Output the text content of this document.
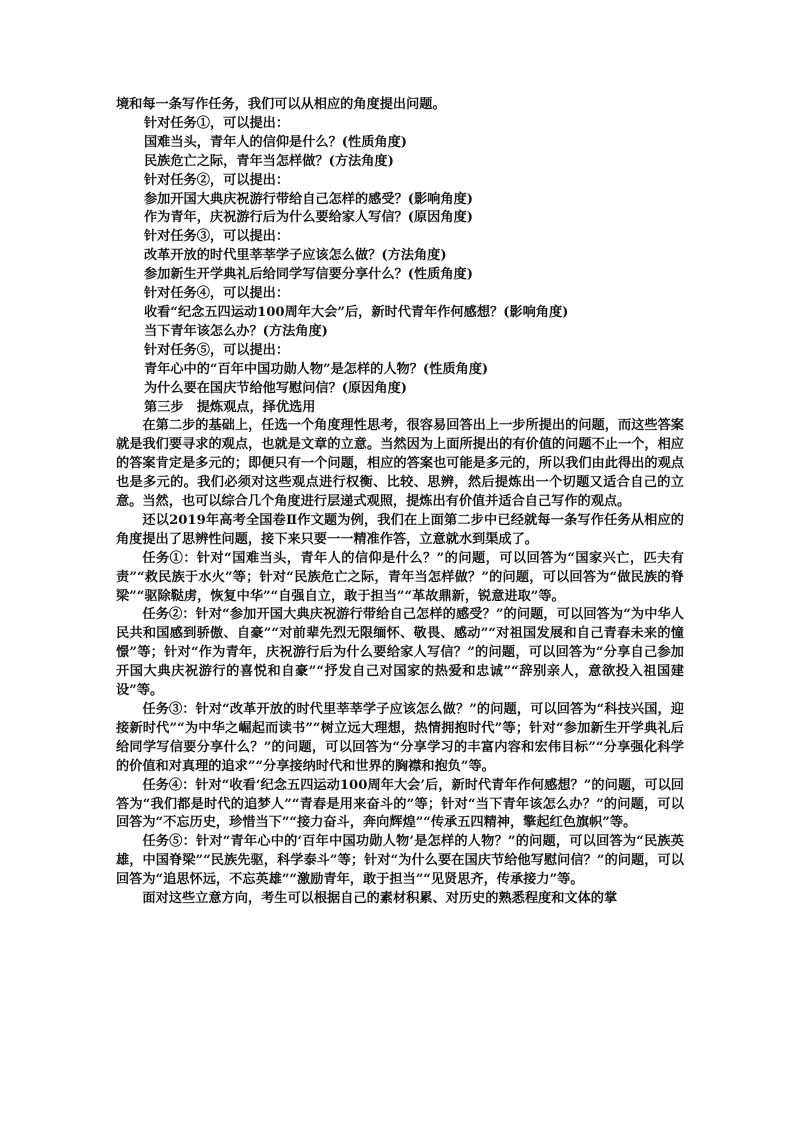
境和每一条写作任务，我们可以从相应的角度提出问题。

针对任务①，可以提出：

国难当头，青年人的信仰是什么？(性质角度)

民族危亡之际，青年当怎样做？(方法角度)

针对任务②，可以提出：

参加开国大典庆祝游行带给自己怎样的感受？(影响角度)

作为青年，庆祝游行后为什么要给家人写信？(原因角度)

针对任务③，可以提出：

改革开放的时代里莘莘学子应该怎么做？(方法角度)

参加新生开学典礼后给同学写信要分享什么？(性质角度)

针对任务④，可以提出：

收看“纪念五四运动100周年大会”后，新时代青年作何感想？(影响角度)

当下青年该怎么办？(方法角度)

针对任务⑤，可以提出：

青年心中的“百年中国功勋人物”是怎样的人物？(性质角度)

为什么要在国庆节给他写慰问信？(原因角度)

第三步　提炼观点，择优选用

在第二步的基础上，任选一个角度理性思考，很容易回答出上一步所提出的问题，而这些答案就是我们要寻求的观点，也就是文章的立意。当然因为上面所提出的有价值的问题不止一个，相应的答案肯定是多元的；即便只有一个问题，相应的答案也可能是多元的，所以我们由此得出的观点也是多元的。我们必须对这些观点进行权衡、比较、思辨，然后提炼出一个切题又适合自己的立意。当然，也可以综合几个角度进行层递式观照，提炼出有价值并适合自己写作的观点。

还以2019年高考全国卷Ⅱ作文题为例，我们在上面第二步中已经就每一条写作任务从相应的角度提出了思辨性问题，接下来只要一一精准作答，立意就水到渠成了。

任务①：针对“国难当头，青年人的信仰是什么？”的问题，可以回答为“国家兴亡，匹夫有责”“救民族于水火”等；针对“民族危亡之际，青年当怎样做？”的问题，可以回答为“做民族的脊梁”“驱除鞑虏，恢复中华”“自强自立，敢于担当”“革故鼎新，锐意进取”等。

任务②：针对“参加开国大典庆祝游行带给自己怎样的感受？”的问题，可以回答为“为中华人民共和国感到骄傲、自豪”“对前辈先烈无限缅怀、敬畏、感动”“对祖国发展和自己青春未来的憧憬”等；针对“作为青年，庆祝游行后为什么要给家人写信？”的问题，可以回答为“分享自己参加开国大典庆祝游行的喜悦和自豪”“抒发自己对国家的热爱和忠诚”“辞别亲人，意欲投入祖国建设”等。

任务③：针对“改革开放的时代里莘莘学子应该怎么做？”的问题，可以回答为“科技兴国，迎接新时代”“为中华之崛起而读书”“树立远大理想，热情拥抱时代”等；针对“参加新生开学典礼后给同学写信要分享什么？”的问题，可以回答为“分享学习的丰富内容和宏伟目标”“分享强化科学的价值和对真理的追求”“分享接纳时代和世界的胸襟和抱负”等。

任务④：针对“收看‘纪念五四运动100周年大会’后，新时代青年作何感想？”的问题，可以回答为“我们都是时代的追梦人”“青春是用来奋斗的”等；针对“当下青年该怎么办？”的问题，可以回答为“不忘历史，珍惜当下”“接力奋斗，奔向辉煌”“传承五四精神，擎起红色旗帜”等。

任务⑤：针对“青年心中的‘百年中国功勋人物’是怎样的人物？”的问题，可以回答为“民族英雄，中国脊梁”“民族先驱，科学泰斗”等；针对“为什么要在国庆节给他写慰问信？”的问题，可以回答为“追思怀远，不忘英雄”“激励青年，敢于担当”“见贤思齐，传承接力”等。

面对这些立意方向，考生可以根据自己的素材积累、对历史的熟悉程度和文体的掌
